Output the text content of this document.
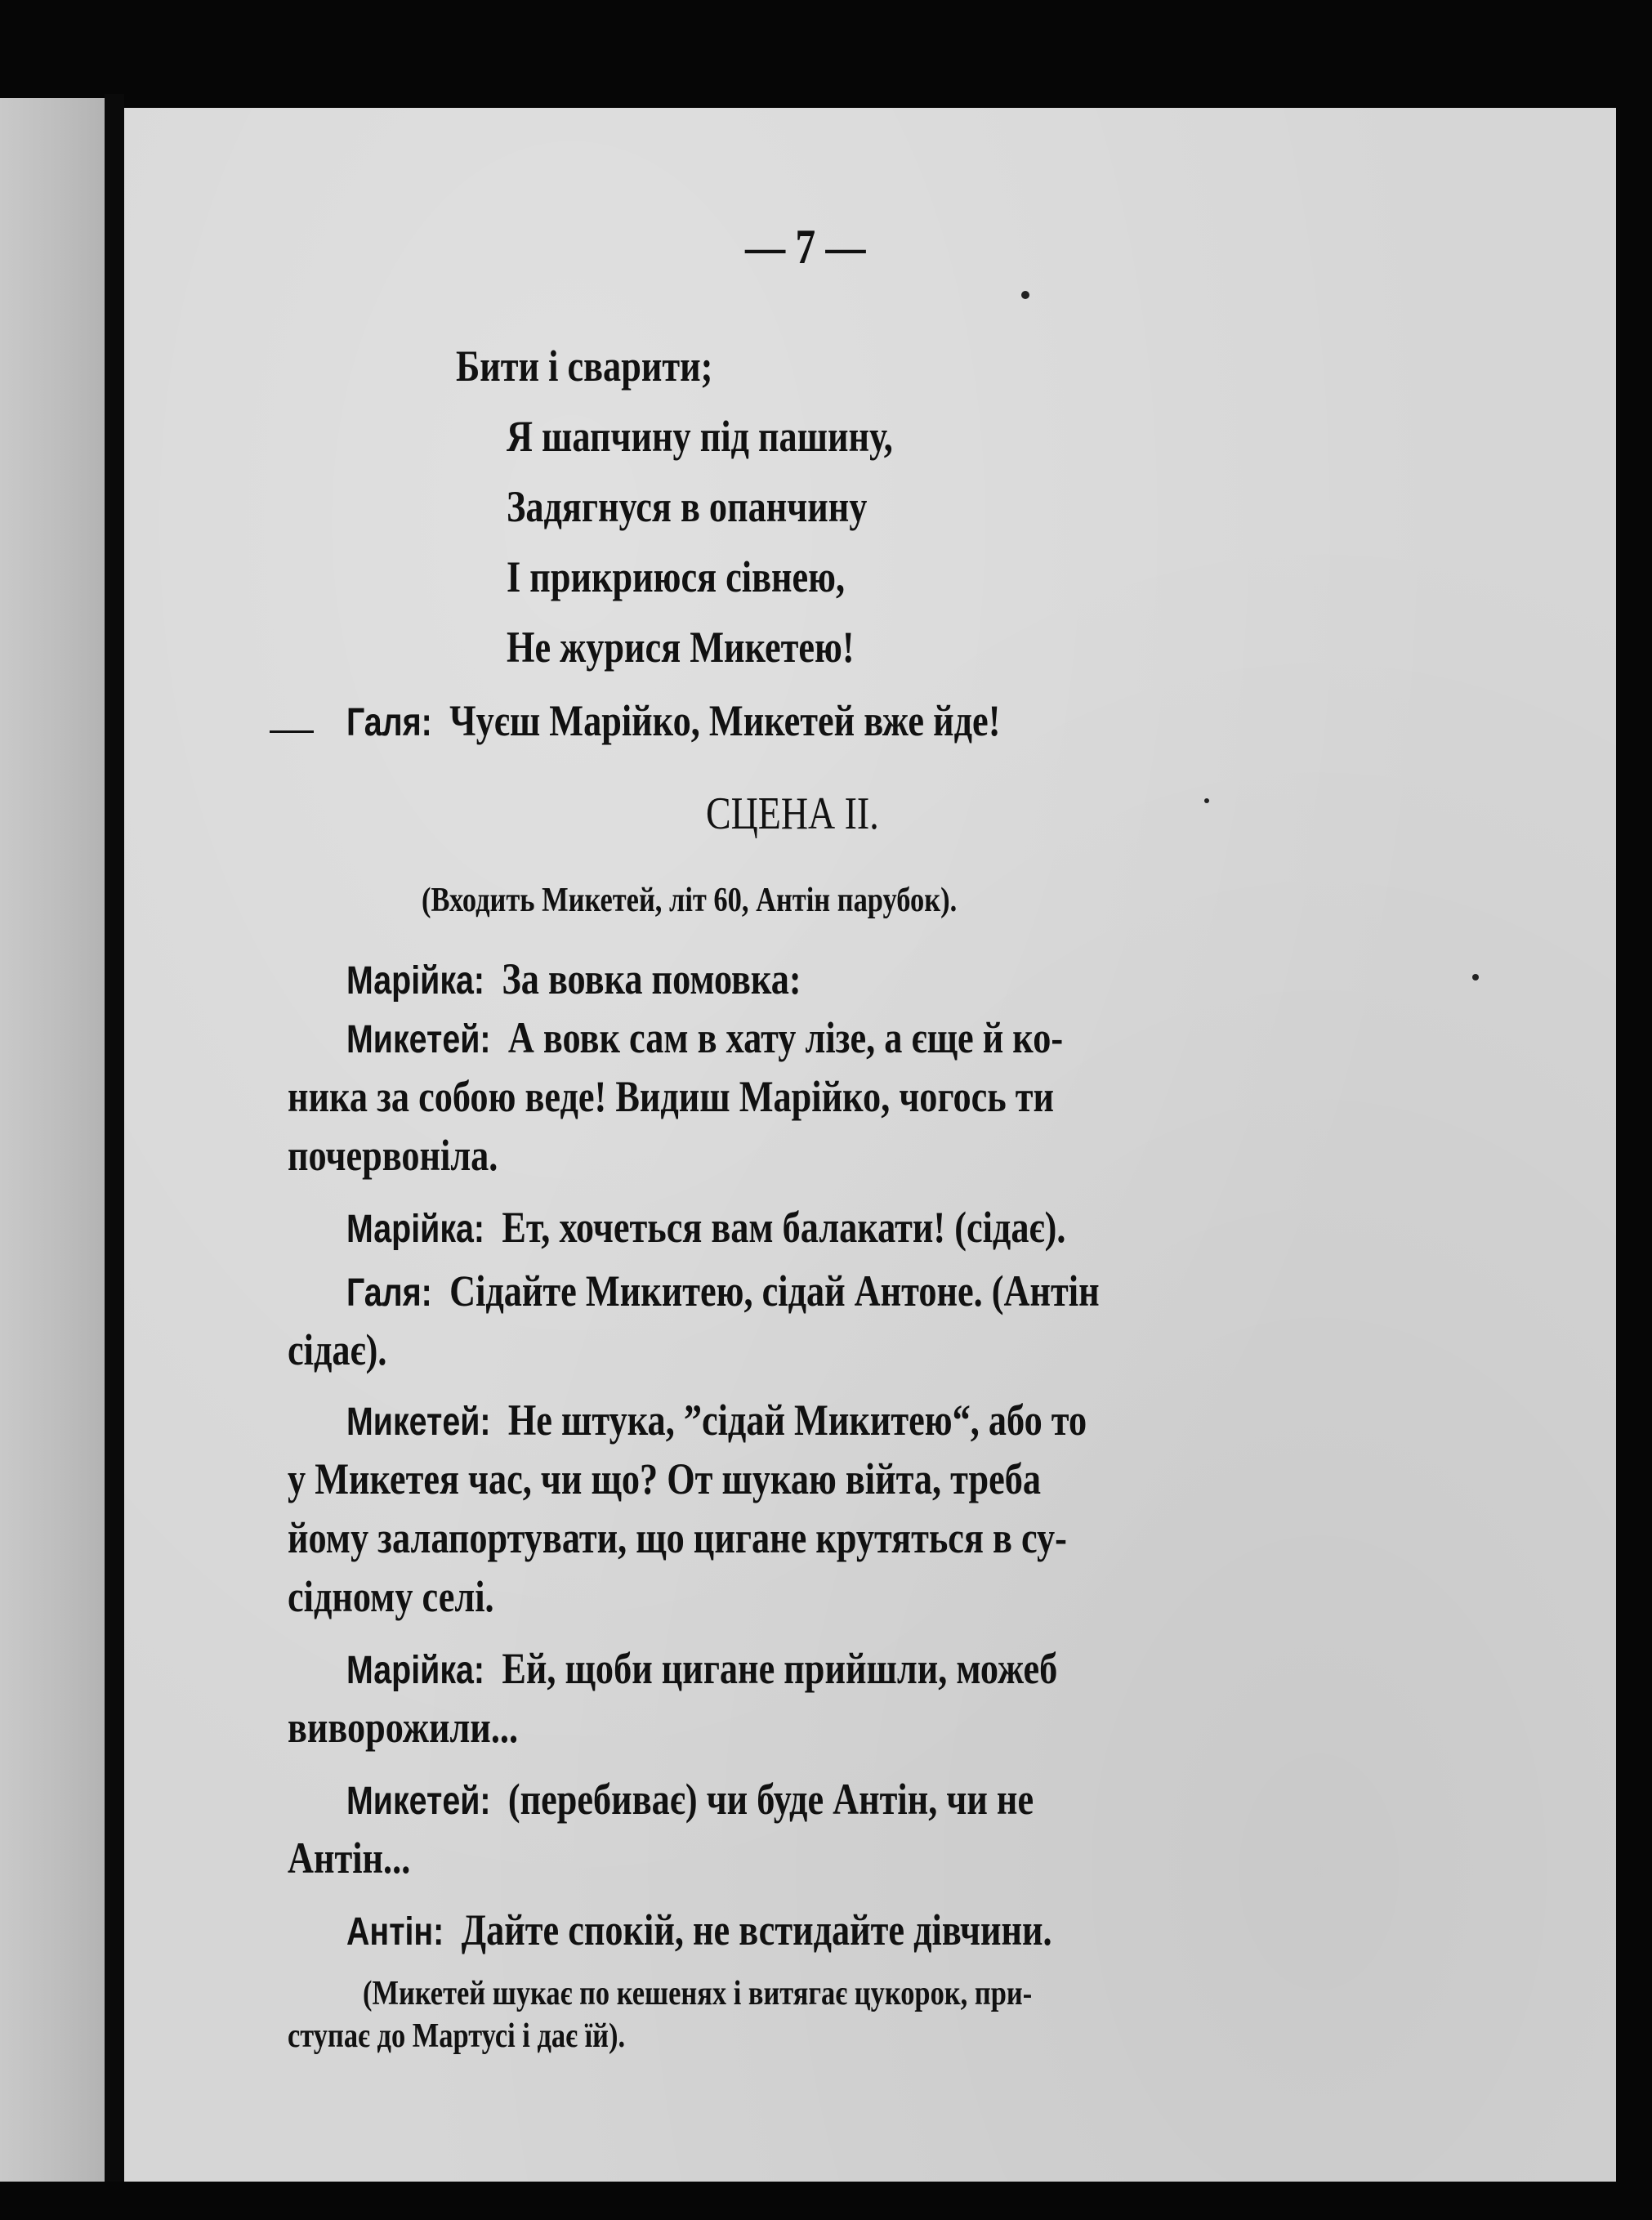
— 7 —
Бити і сварити;
Я шапчину під пашину,
Задягнуся в опанчину
І прикриюся сівнею,
Не журися Микетею!
Галя: Чуєш Марійко, Микетей вже йде!
СЦЕНА II.
(Входить Микетей, літ 60, Антін парубок).
Марійка: За вовка помовка:
Микетей: А вовк сам в хату лізе, а єще й ко-
ника за собою веде! Видиш Марійко, чогось ти
почервоніла.
Марійка: Ет, хочеться вам балакати! (сідає).
Галя: Сідайте Микитею, сідай Антоне. (Антін
сідає).
Микетей: Не штука, ”сідай Микитею“, або то
у Микетея час, чи що? От шукаю війта, треба
йому залапортувати, що цигане крутяться в су-
сідному селі.
Марійка: Ей, щоби цигане прийшли, можеб
виворожили...
Микетей: (перебиває) чи буде Антін, чи не
Антін...
Антін: Дайте спокій, не встидайте дівчини.
(Микетей шукає по кешенях і витягає цукорок, при-
ступає до Мартусі і дає їй).
